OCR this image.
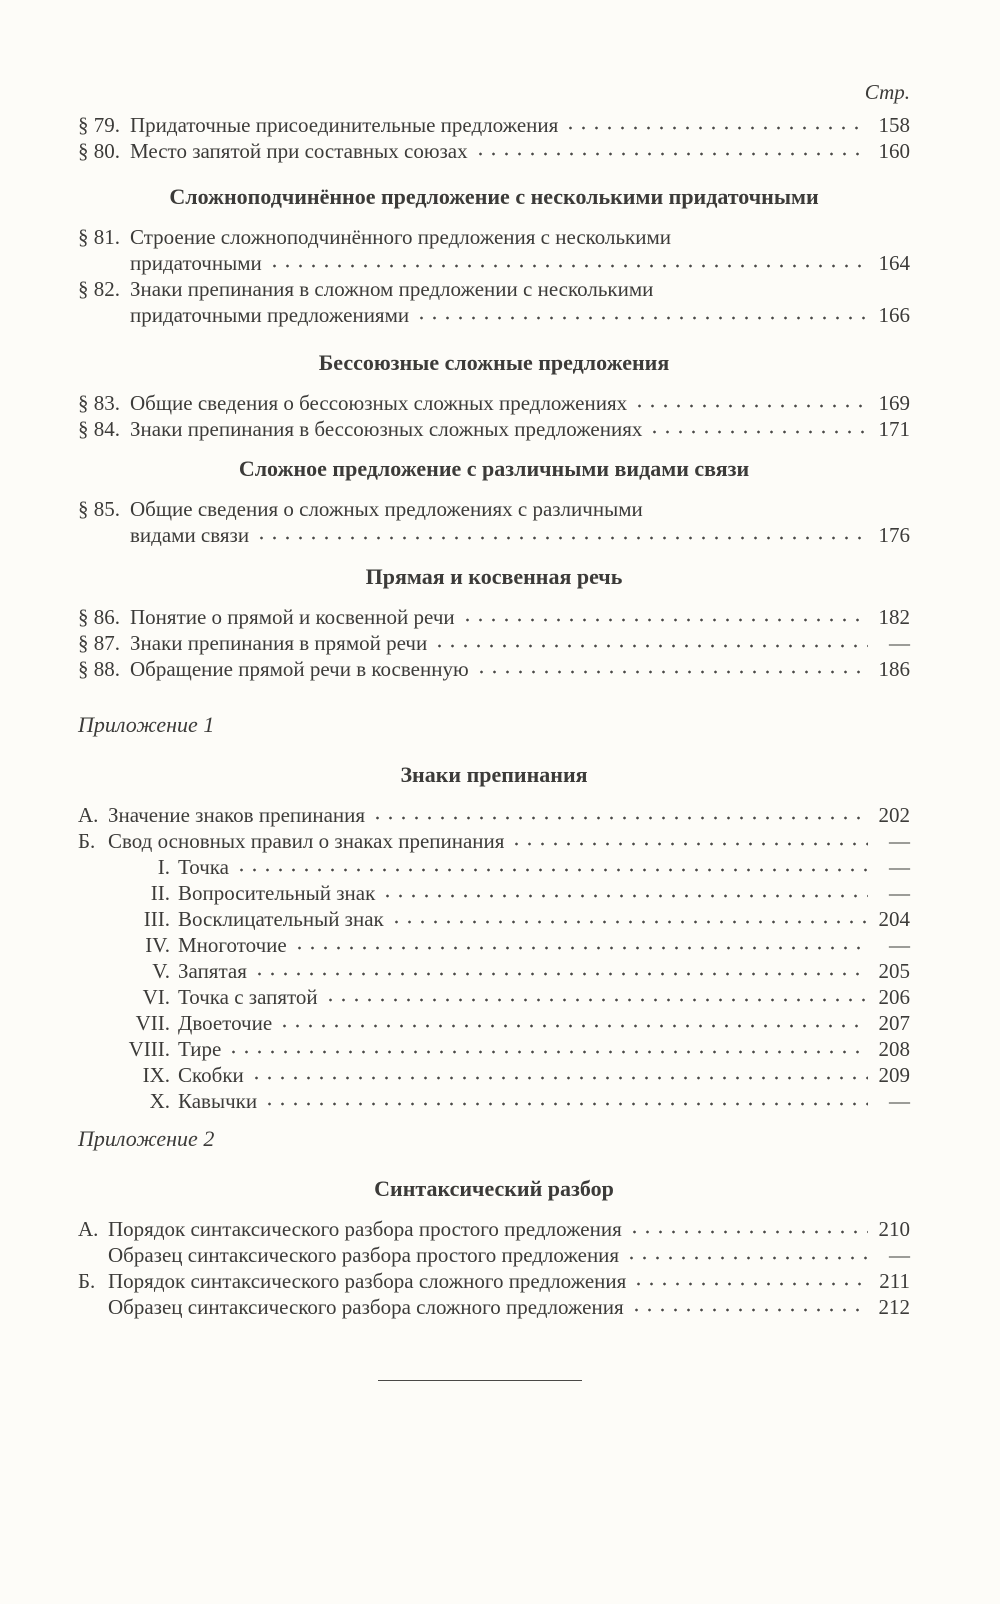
Стр.
§ 79. Придаточные присоединительные предложения	158
§ 80. Место запятой при составных союзах	160
Сложноподчинённое предложение с несколькими придаточными
§ 81. Строение сложноподчинённого предложения с несколькими
придаточными	164
§ 82. Знаки препинания в сложном предложении с несколькими
придаточными предложениями	166
Бессоюзные сложные предложения
§ 83. Общие сведения о бессоюзных сложных предложениях	169
§ 84. Знаки препинания в бессоюзных сложных предложениях	171
Сложное предложение с различными видами связи
§ 85. Общие сведения о сложных предложениях с различными
видами связи	176
Прямая и косвенная речь
§ 86. Понятие о прямой и косвенной речи	182
§ 87. Знаки препинания в прямой речи	—
§ 88. Обращение прямой речи в косвенную	186
Приложение 1
Знаки препинания
А. Значение знаков препинания	202
Б. Свод основных правил о знаках препинания	—
I. Точка	—
II. Вопросительный знак	—
III. Восклицательный знак	204
IV. Многоточие	—
V. Запятая	205
VI. Точка с запятой	206
VII. Двоеточие	207
VIII. Тире	208
IX. Скобки	209
X. Кавычки	—
Приложение 2
Синтаксический разбор
А. Порядок синтаксического разбора простого предложения	210
Образец синтаксического разбора простого предложения	—
Б. Порядок синтаксического разбора сложного предложения	211
Образец синтаксического разбора сложного предложения	212
